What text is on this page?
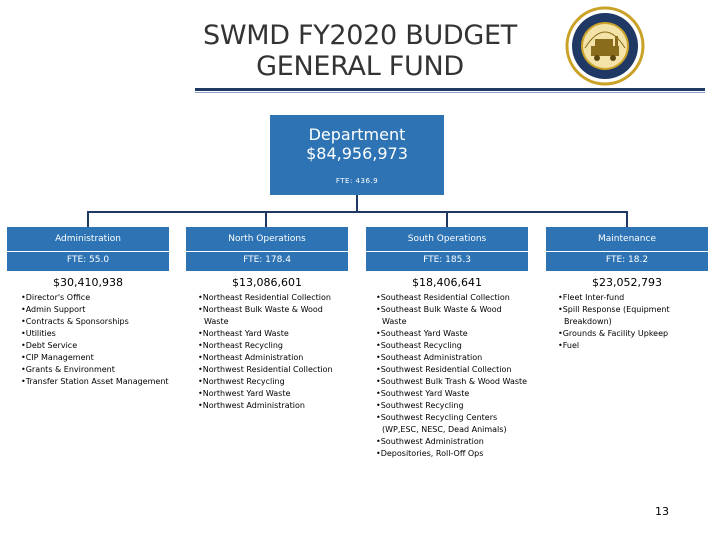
SWMD FY2020 BUDGET
GENERAL FUND
Department
$84,956,973
FTE: 436.9
Administration
FTE: 55.0
$30,410,938
• Director's Office
• Admin Support
• Contracts & Sponsorships
• Utilities
• Debt Service
• CIP Management
• Grants & Environment
• Transfer Station Asset Management
North Operations
FTE: 178.4
$13,086,601
• Northeast Residential Collection
• Northeast Bulk Waste & Wood Waste
• Northeast Yard Waste
• Northeast Recycling
• Northeast Administration
• Northwest Residential Collection
• Northwest Recycling
• Northwest Yard Waste
• Northwest Administration
South Operations
FTE: 185.3
$18,406,641
• Southeast Residential Collection
• Southeast Bulk Waste & Wood Waste
• Southeast Yard Waste
• Southeast Recycling
• Southeast Administration
• Southwest Residential Collection
• Southwest Bulk Trash & Wood Waste
• Southwest Yard Waste
• Southwest Recycling
• Southwest Recycling Centers (WP,ESC, NESC, Dead Animals)
• Southwest Administration
• Depositories, Roll-Off Ops
Maintenance
FTE: 18.2
$23,052,793
• Fleet Inter-fund
• Spill Response (Equipment Breakdown)
• Grounds & Facility Upkeep
• Fuel
13
